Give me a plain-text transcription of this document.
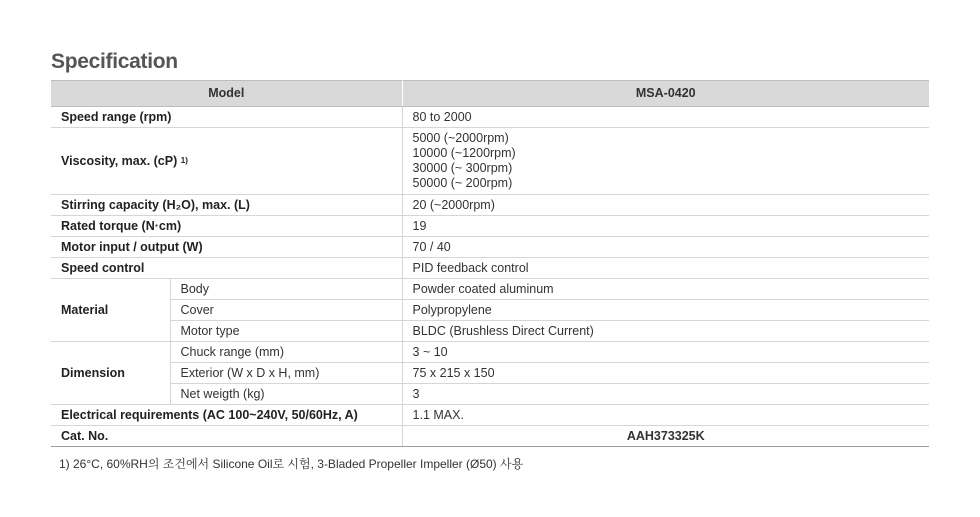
Specification
Model		MSA-0420
Speed range (rpm)		80 to 2000
Viscosity, max. (cP) $^{1)}$		5000 (~2000rpm)
10000 (~1200rpm)
30000 (~ 300rpm)
50000 (~ 200rpm)

Stirring capacity (H₂O), max. (L)		20 (~2000rpm)
Rated torque (N·cm)		19
Motor input / output (W)		70 / 40
Speed control		PID feedback control
Material	Body	Powder coated aluminum
	Cover	Polypropylene
	Motor type	BLDC (Brushless Direct Current)
Dimension	Chuck range (mm)	3 ~ 10
	Exterior (W x D x H, mm)	75 x 215 x 150
	Net weigth (kg)	3
Electrical requirements (AC 100~240V, 50/60Hz, A)		1.1 MAX.
Cat. No.		AAH373325K
1) 26°C, 60%RH의 조건에서 Silicone Oil로 시험, 3-Bladed Propeller Impeller (Ø50) 사용
